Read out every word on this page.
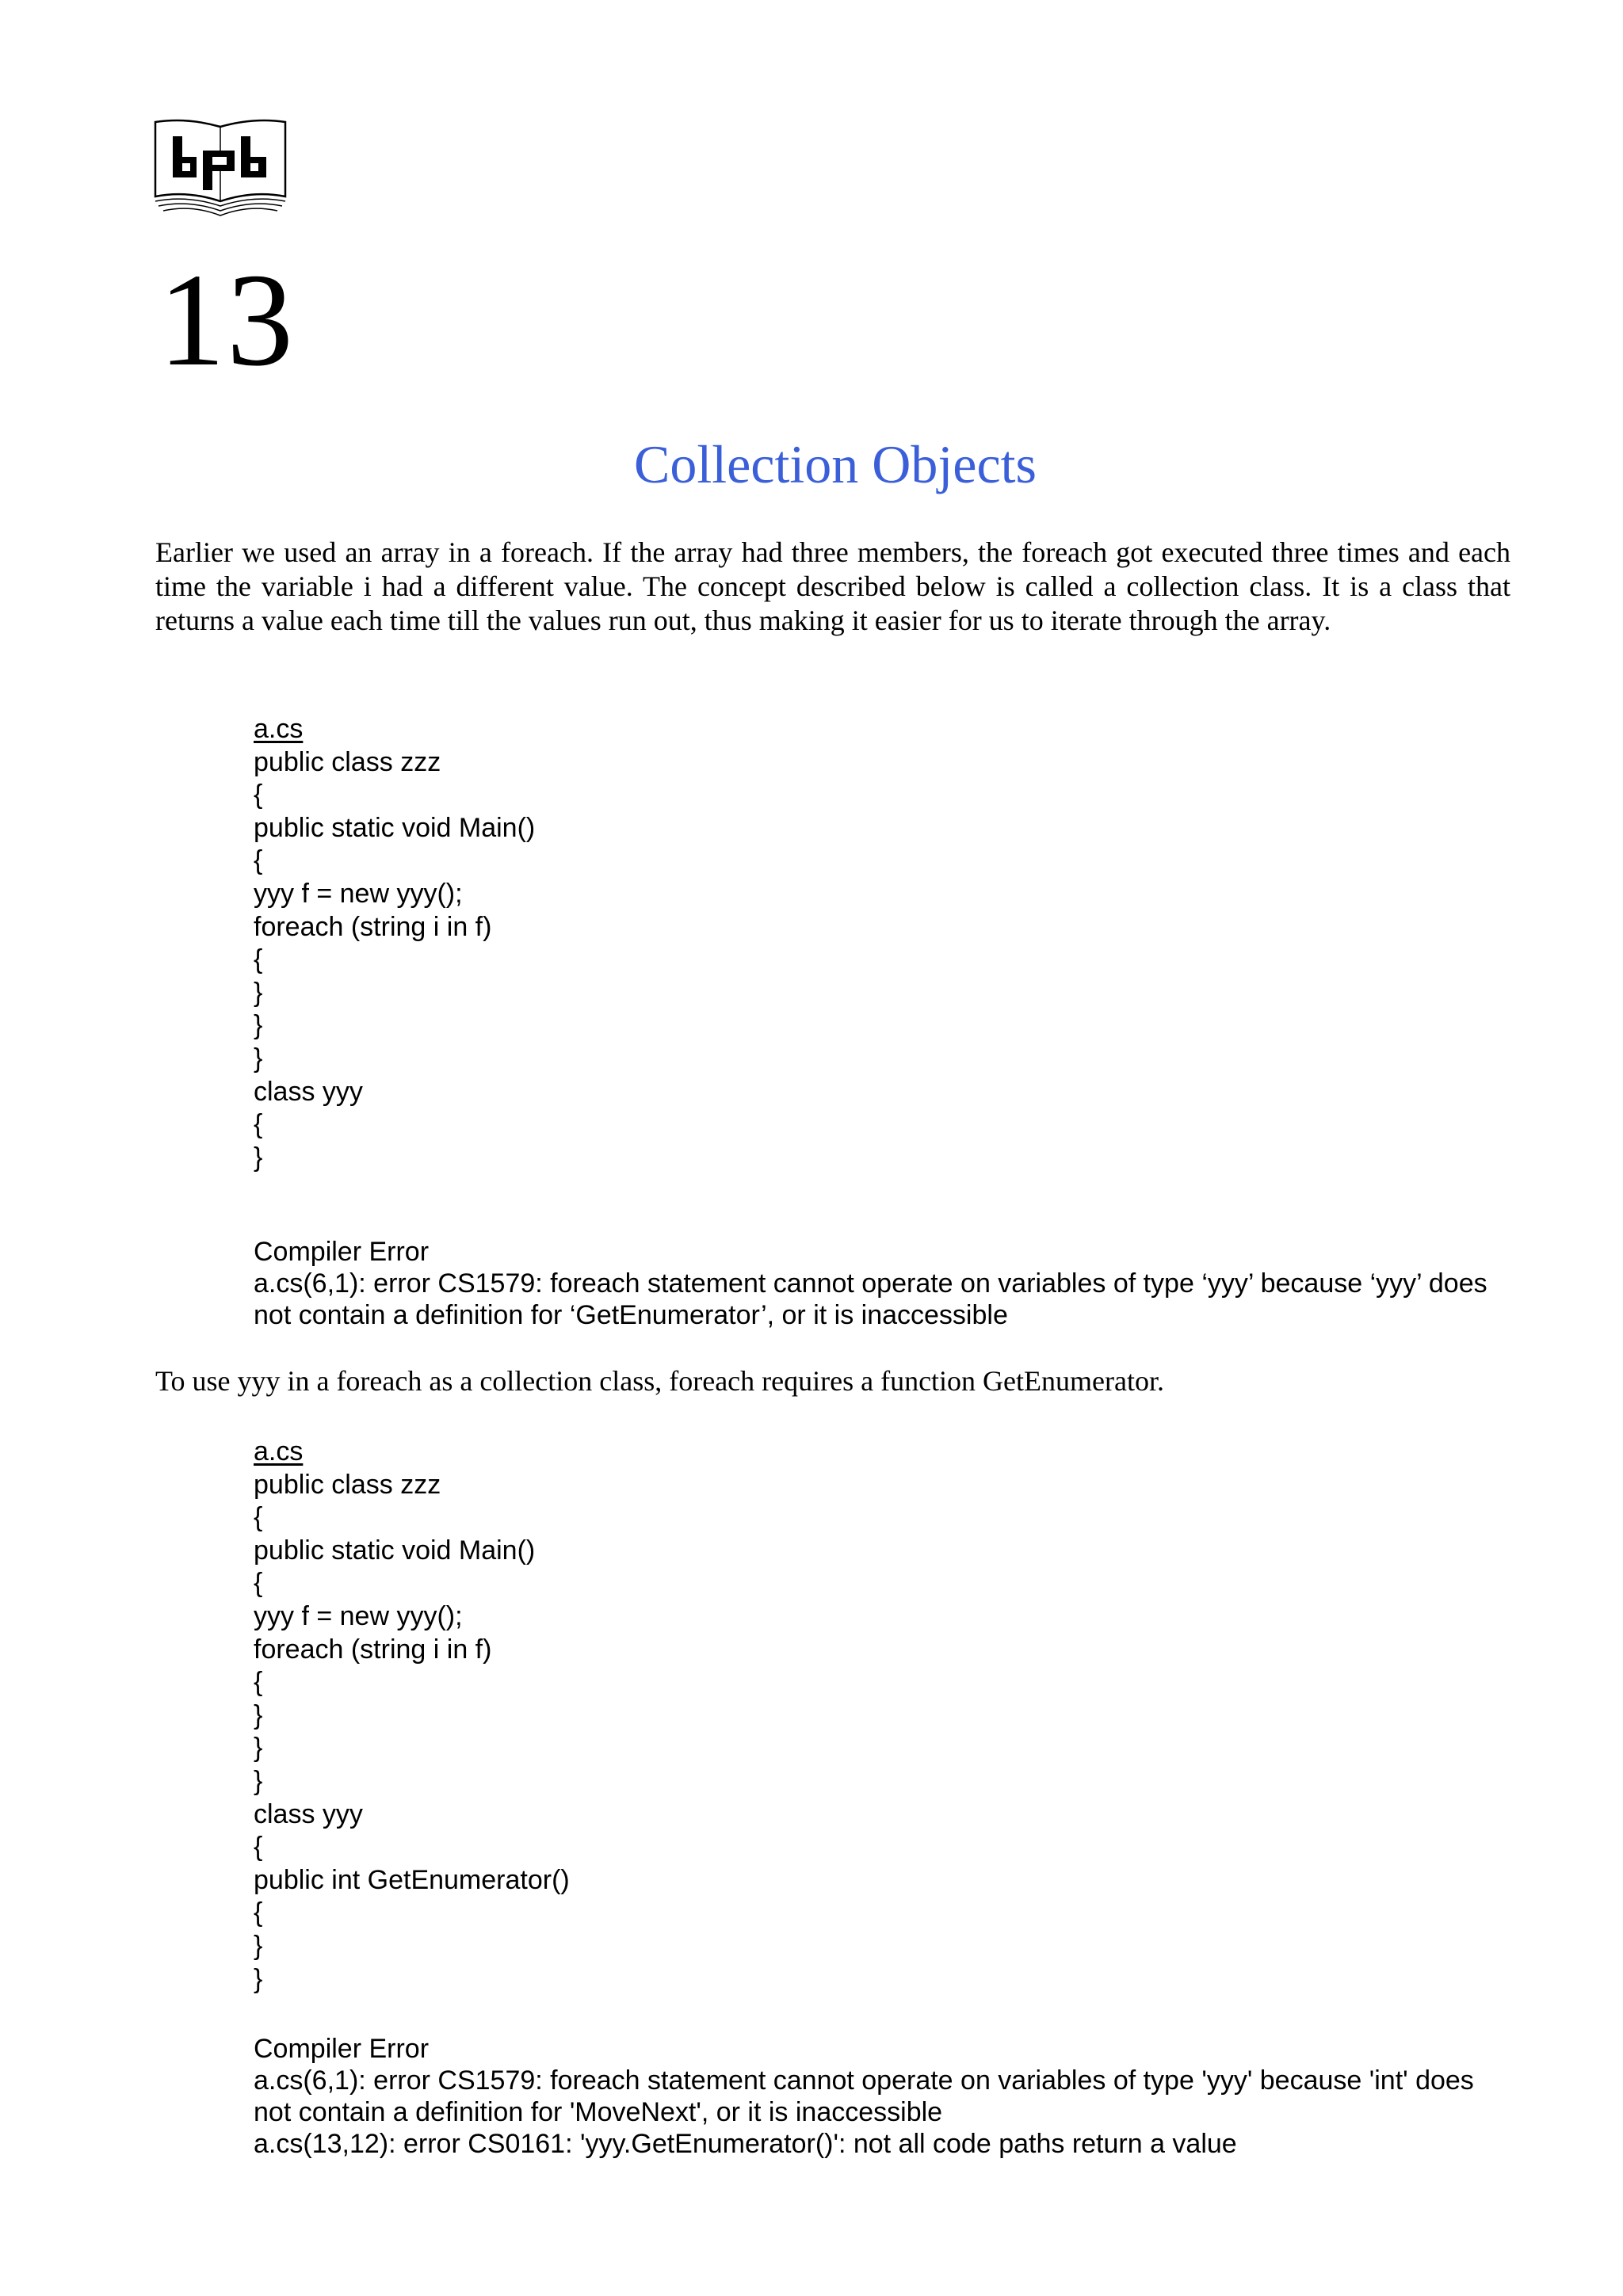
13
Collection Objects

Earlier we used an array in a foreach. If the array had three members, the foreach got executed three times and each time the variable i had a different value. The concept described below is called a collection class. It is a class that returns a value each time till the values run out, thus making it easier for us to iterate through the array.

a.cs
public class zzz
{
public static void Main()
{
yyy f = new yyy();
foreach (string i in f)
{
}
}
}
class yyy
{
}
Compiler Error
a.cs(6,1): error CS1579: foreach statement cannot operate on variables of type ‘yyy’ because ‘yyy’ does not contain a definition for ‘GetEnumerator’, or it is inaccessible

To use yyy in a foreach as a collection class, foreach requires a function GetEnumerator.

a.cs
public class zzz
{
public static void Main()
{
yyy f = new yyy();
foreach (string i in f)
{
}
}
}
class yyy
{
public int GetEnumerator()
{
}
}
Compiler Error
a.cs(6,1): error CS1579: foreach statement cannot operate on variables of type 'yyy' because 'int' does not contain a definition for 'MoveNext', or it is inaccessible
a.cs(13,12): error CS0161: 'yyy.GetEnumerator()': not all code paths return a value
